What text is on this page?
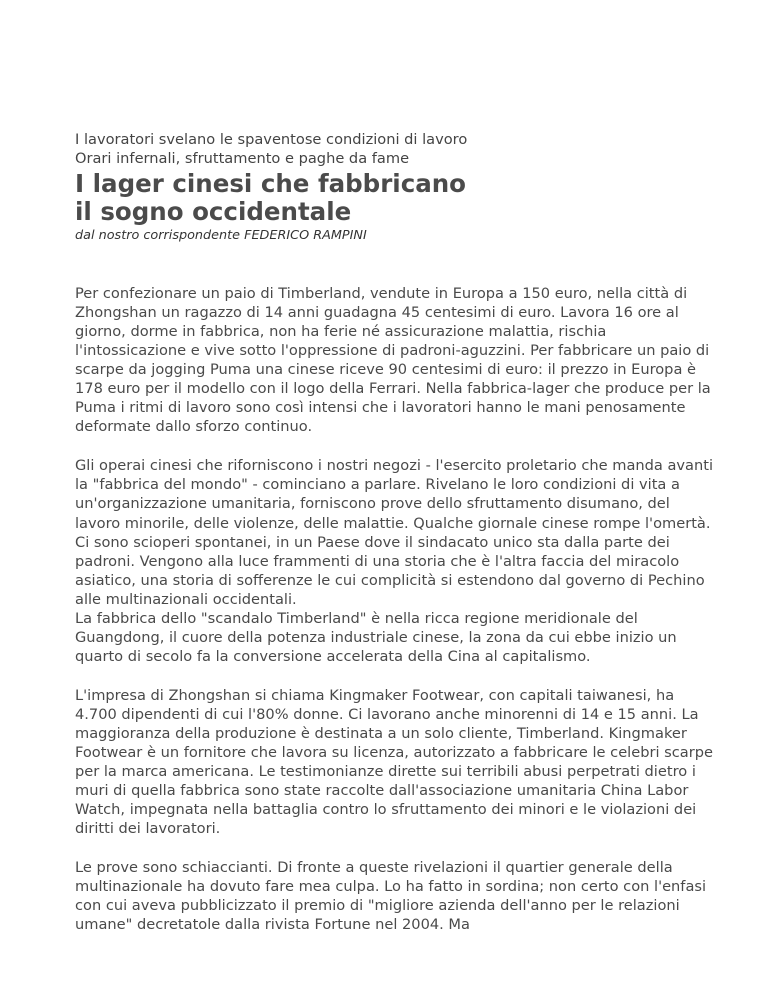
I lavoratori svelano le spaventose condizioni di lavoro

Orari infernali, sfruttamento e paghe da fame

I lager cinesi che fabbricano
il sogno occidentale

dal nostro corrispondente FEDERICO RAMPINI

Per confezionare un paio di Timberland, vendute in Europa a 150 euro, nella città di Zhongshan un ragazzo di 14 anni guadagna 45 centesimi di euro. Lavora 16 ore al giorno, dorme in fabbrica, non ha ferie né assicurazione malattia, rischia l'intossicazione e vive sotto l'oppressione di padroni-aguzzini. Per fabbricare un paio di scarpe da jogging Puma una cinese riceve 90 centesimi di euro: il prezzo in Europa è 178 euro per il modello con il logo della Ferrari. Nella fabbrica-lager che produce per la Puma i ritmi di lavoro sono così intensi che i lavoratori hanno le mani penosamente deformate dallo sforzo continuo.

Gli operai cinesi che riforniscono i nostri negozi - l'esercito proletario che manda avanti la "fabbrica del mondo" - cominciano a parlare. Rivelano le loro condizioni di vita a un'organizzazione umanitaria, forniscono prove dello sfruttamento disumano, del lavoro minorile, delle violenze, delle malattie. Qualche giornale cinese rompe l'omertà. Ci sono scioperi spontanei, in un Paese dove il sindacato unico sta dalla parte dei padroni. Vengono alla luce frammenti di una storia che è l'altra faccia del miracolo asiatico, una storia di sofferenze le cui complicità si estendono dal governo di Pechino alle multinazionali occidentali.

La fabbrica dello "scandalo Timberland" è nella ricca regione meridionale del Guangdong, il cuore della potenza industriale cinese, la zona da cui ebbe inizio un quarto di secolo fa la conversione accelerata della Cina al capitalismo.

L'impresa di Zhongshan si chiama Kingmaker Footwear, con capitali taiwanesi, ha 4.700 dipendenti di cui l'80% donne. Ci lavorano anche minorenni di 14 e 15 anni. La maggioranza della produzione è destinata a un solo cliente, Timberland. Kingmaker Footwear è un fornitore che lavora su licenza, autorizzato a fabbricare le celebri scarpe per la marca americana. Le testimonianze dirette sui terribili abusi perpetrati dietro i muri di quella fabbrica sono state raccolte dall'associazione umanitaria China Labor Watch, impegnata nella battaglia contro lo sfruttamento dei minori e le violazioni dei diritti dei lavoratori.

Le prove sono schiaccianti. Di fronte a queste rivelazioni il quartier generale della multinazionale ha dovuto fare mea culpa. Lo ha fatto in sordina; non certo con l'enfasi con cui aveva pubblicizzato il premio di "migliore azienda dell'anno per le relazioni umane" decretatole dalla rivista Fortune nel 2004. Ma
